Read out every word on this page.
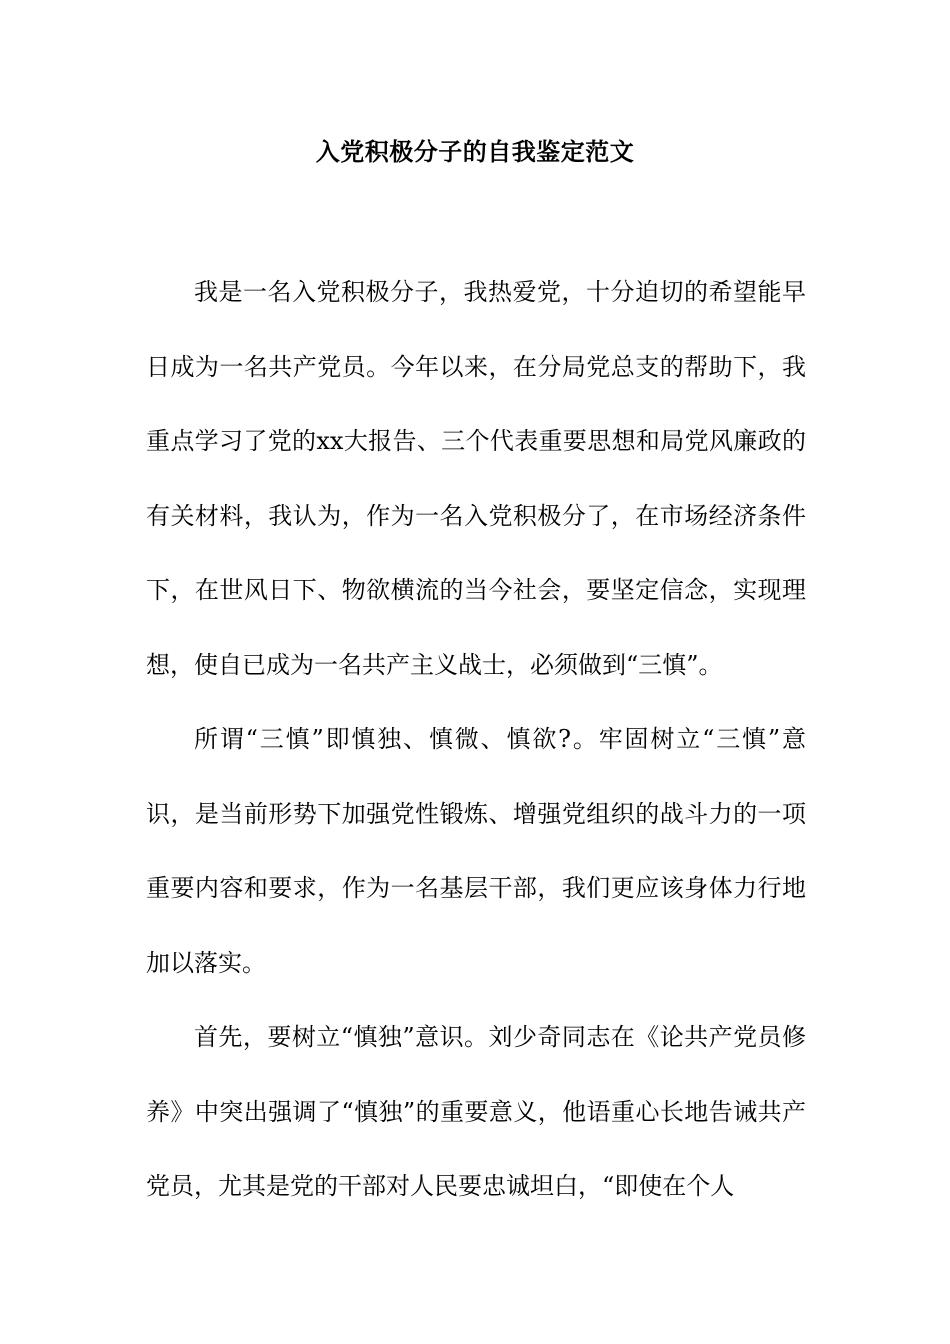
入党积极分子的自我鉴定范文

我是一名入党积极分子，我热爱党，十分迫切的希望能早日成为一名共产党员。今年以来，在分局党总支的帮助下，我重点学习了党的xx大报告、三个代表重要思想和局党风廉政的有关材料，我认为，作为一名入党积极分了，在市场经济条件下，在世风日下、物欲横流的当今社会，要坚定信念，实现理想，使自已成为一名共产主义战士，必须做到“三慎”。

所谓“三慎”即慎独、慎微、慎欲?。牢固树立“三慎”意识，是当前形势下加强党性锻炼、增强党组织的战斗力的一项重要内容和要求，作为一名基层干部，我们更应该身体力行地加以落实。

首先，要树立“慎独”意识。刘少奇同志在《论共产党员修养》中突出强调了“慎独”的重要意义，他语重心长地告诫共产党员，尤其是党的干部对人民要忠诚坦白，“即使在个人
